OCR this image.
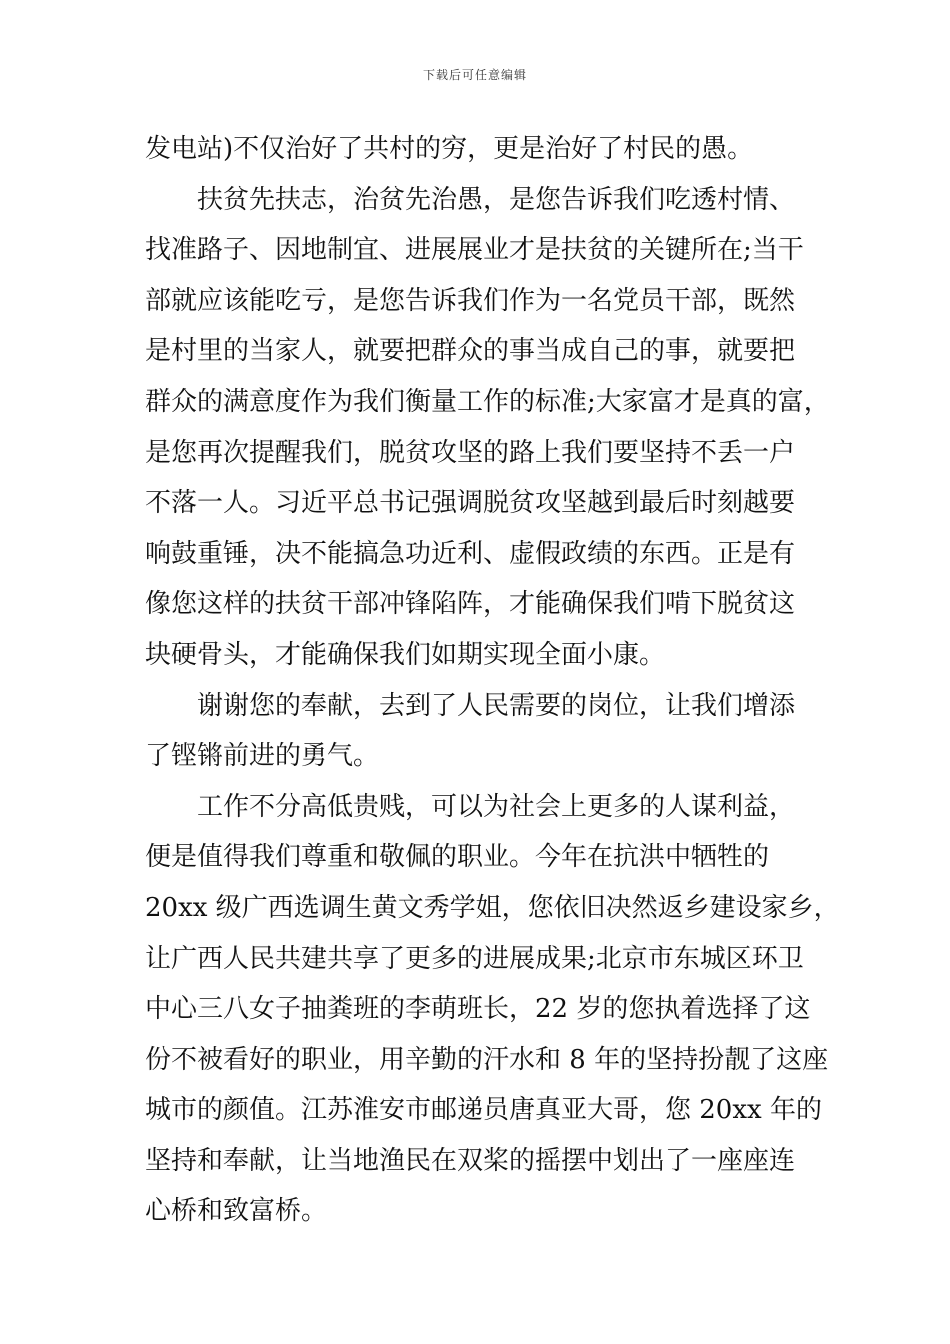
下载后可任意编辑
发电站)不仅治好了共村的穷，更是治好了村民的愚。
扶贫先扶志，治贫先治愚，是您告诉我们吃透村情、
找准路子、因地制宜、进展展业才是扶贫的关键所在;当干
部就应该能吃亏，是您告诉我们作为一名党员干部，既然
是村里的当家人，就要把群众的事当成自己的事，就要把
群众的满意度作为我们衡量工作的标准;大家富才是真的富，
是您再次提醒我们，脱贫攻坚的路上我们要坚持不丢一户
不落一人。习近平总书记强调脱贫攻坚越到最后时刻越要
响鼓重锤，决不能搞急功近利、虚假政绩的东西。正是有
像您这样的扶贫干部冲锋陷阵，才能确保我们啃下脱贫这
块硬骨头，才能确保我们如期实现全面小康。
谢谢您的奉献，去到了人民需要的岗位，让我们增添
了铿锵前进的勇气。
工作不分高低贵贱，可以为社会上更多的人谋利益，
便是值得我们尊重和敬佩的职业。今年在抗洪中牺牲的
20xx 级广西选调生黄文秀学姐，您依旧决然返乡建设家乡，
让广西人民共建共享了更多的进展成果;北京市东城区环卫
中心三八女子抽粪班的李萌班长，22 岁的您执着选择了这
份不被看好的职业，用辛勤的汗水和 8 年的坚持扮靓了这座
城市的颜值。江苏淮安市邮递员唐真亚大哥，您 20xx 年的
坚持和奉献，让当地渔民在双桨的摇摆中划出了一座座连
心桥和致富桥。
